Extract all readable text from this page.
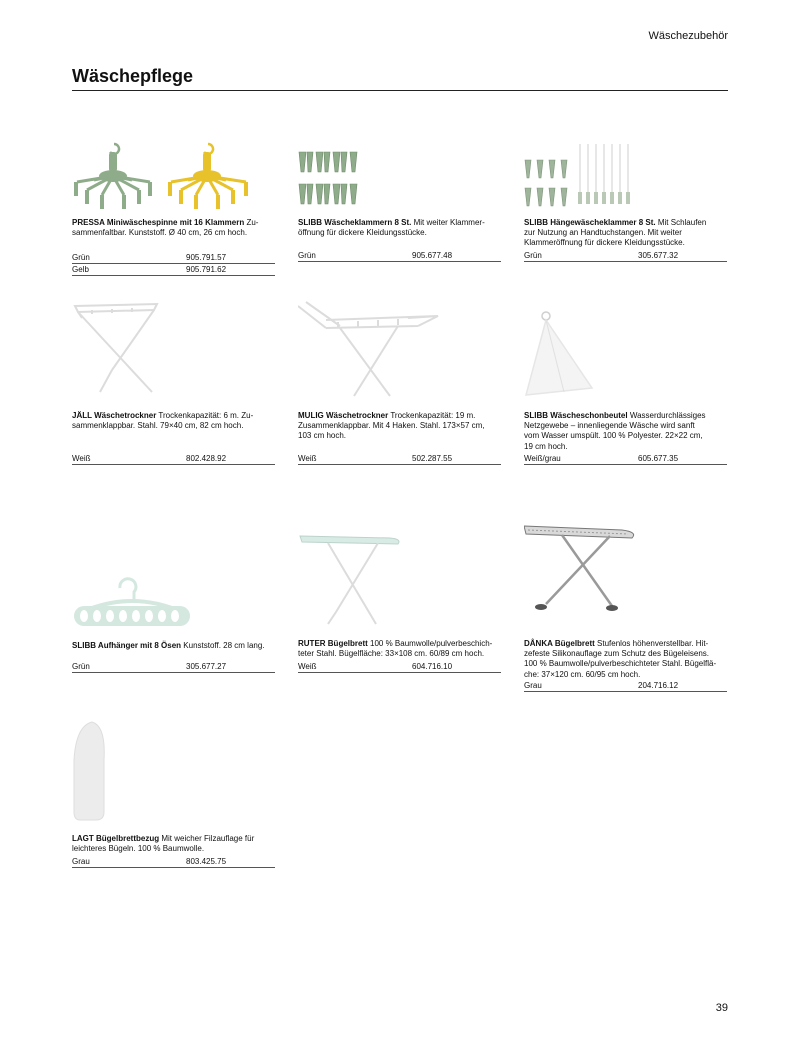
Wäschezubehör
Wäschepflege
PRESSA Miniwäschespinne mit 16 Klammern Zu-
sammenfaltbar. Kunststoff. Ø 40 cm, 26 cm hoch.
Grün	905.791.57
Gelb	905.791.62
SLIBB Wäscheklammern 8 St. Mit weiter Klammer-
öffnung für dickere Kleidungsstücke.
Grün	905.677.48
SLIBB Hängewäscheklammer 8 St. Mit Schlaufen
zur Nutzung an Handtuchstangen. Mit weiter
Klammeröffnung für dickere Kleidungsstücke.
Grün	305.677.32
JÄLL Wäschetrockner Trockenkapazität: 6 m. Zu-
sammenklappbar. Stahl. 79×40 cm, 82 cm hoch.
Weiß	802.428.92
MULIG Wäschetrockner Trockenkapazität: 19 m.
Zusammenklappbar. Mit 4 Haken. Stahl. 173×57 cm,
103 cm hoch.
Weiß	502.287.55
SLIBB Wäscheschonbeutel Wasserdurchlässiges
Netzgewebe – innenliegende Wäsche wird sanft
vom Wasser umspült. 100 % Polyester. 22×22 cm,
19 cm hoch.
Weiß/grau	605.677.35
SLIBB Aufhänger mit 8 Ösen Kunststoff. 28 cm lang.
Grün	305.677.27
RUTER Bügelbrett 100 % Baumwolle/pulverbeschich-
teter Stahl. Bügelfläche: 33×108 cm. 60/89 cm hoch.
Weiß	604.716.10
DÅNKA Bügelbrett Stufenlos höhenverstellbar. Hit-
zefeste Silikonauflage zum Schutz des Bügeleisens.
100 % Baumwolle/pulverbeschichteter Stahl. Bügelflä-
che: 37×120 cm. 60/95 cm hoch.
Grau	204.716.12
LAGT Bügelbrettbezug Mit weicher Filzauflage für
leichteres Bügeln. 100 % Baumwolle.
Grau	803.425.75
39
